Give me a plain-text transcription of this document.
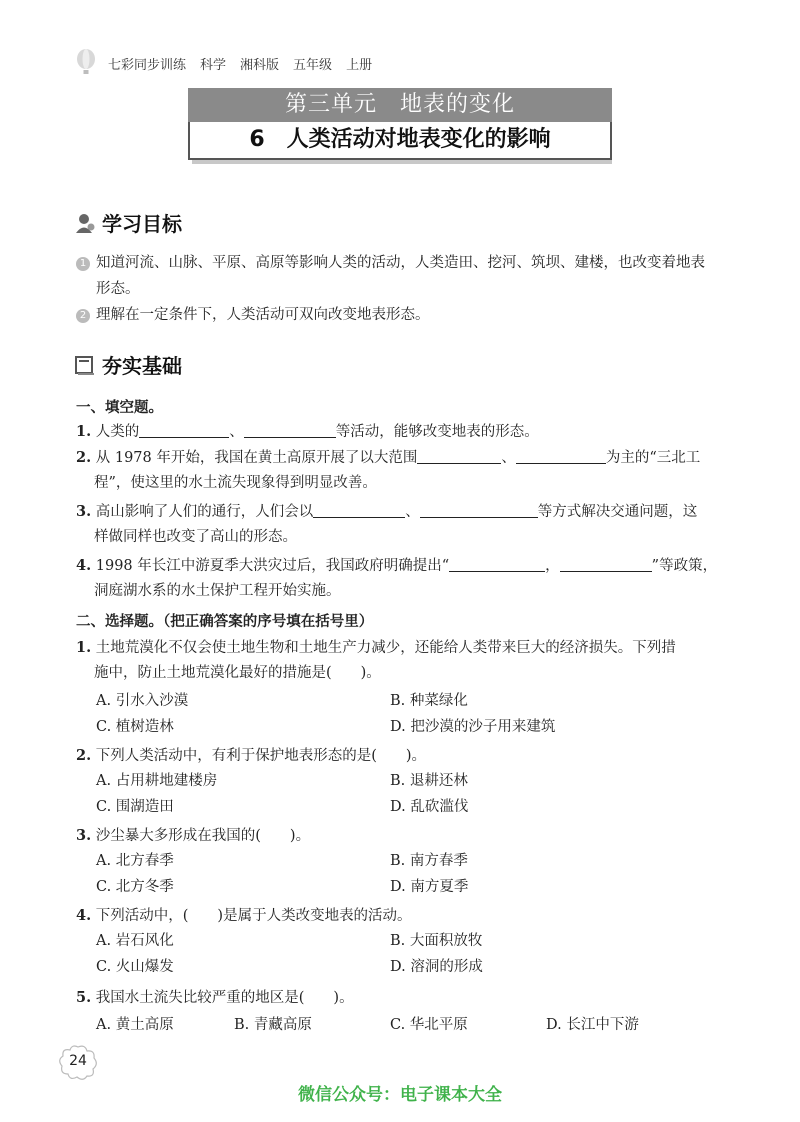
七彩同步训练 科学 湘科版 五年级 上册
第三单元　地表的变化
6　人类活动对地表变化的影响
学习目标
1 知道河流、山脉、平原、高原等影响人类的活动，人类造田、挖河、筑坝、建楼，也改变着地表
形态。
2 理解在一定条件下，人类活动可双向改变地表形态。
夯实基础
一、填空题。
1. 人类的	、	等活动，能够改变地表的形态。
2. 从 1978 年开始，我国在黄土高原开展了以大范围	、	为主的“三北工
程”，使这里的水土流失现象得到明显改善。
3. 高山影响了人们的通行，人们会以	、	等方式解决交通问题，这
样做同样也改变了高山的形态。
4. 1998 年长江中游夏季大洪灾过后，我国政府明确提出“	，	”等政策，
洞庭湖水系的水土保护工程开始实施。
二、选择题。（把正确答案的序号填在括号里）
1. 土地荒漠化不仅会使土地生物和土地生产力减少，还能给人类带来巨大的经济损失。下列措
施中，防止土地荒漠化最好的措施是(　　)。
A. 引水入沙漠	B. 种菜绿化
C. 植树造林	D. 把沙漠的沙子用来建筑
2. 下列人类活动中，有利于保护地表形态的是(　　)。
A. 占用耕地建楼房	B. 退耕还林
C. 围湖造田	D. 乱砍滥伐
3. 沙尘暴大多形成在我国的(　　)。
A. 北方春季	B. 南方春季
C. 北方冬季	D. 南方夏季
4. 下列活动中，(　　)是属于人类改变地表的活动。
A. 岩石风化	B. 大面积放牧
C. 火山爆发	D. 溶洞的形成
5. 我国水土流失比较严重的地区是(　　)。
A. 黄土高原	B. 青藏高原	C. 华北平原	D. 长江中下游
24
微信公众号：电子课本大全
